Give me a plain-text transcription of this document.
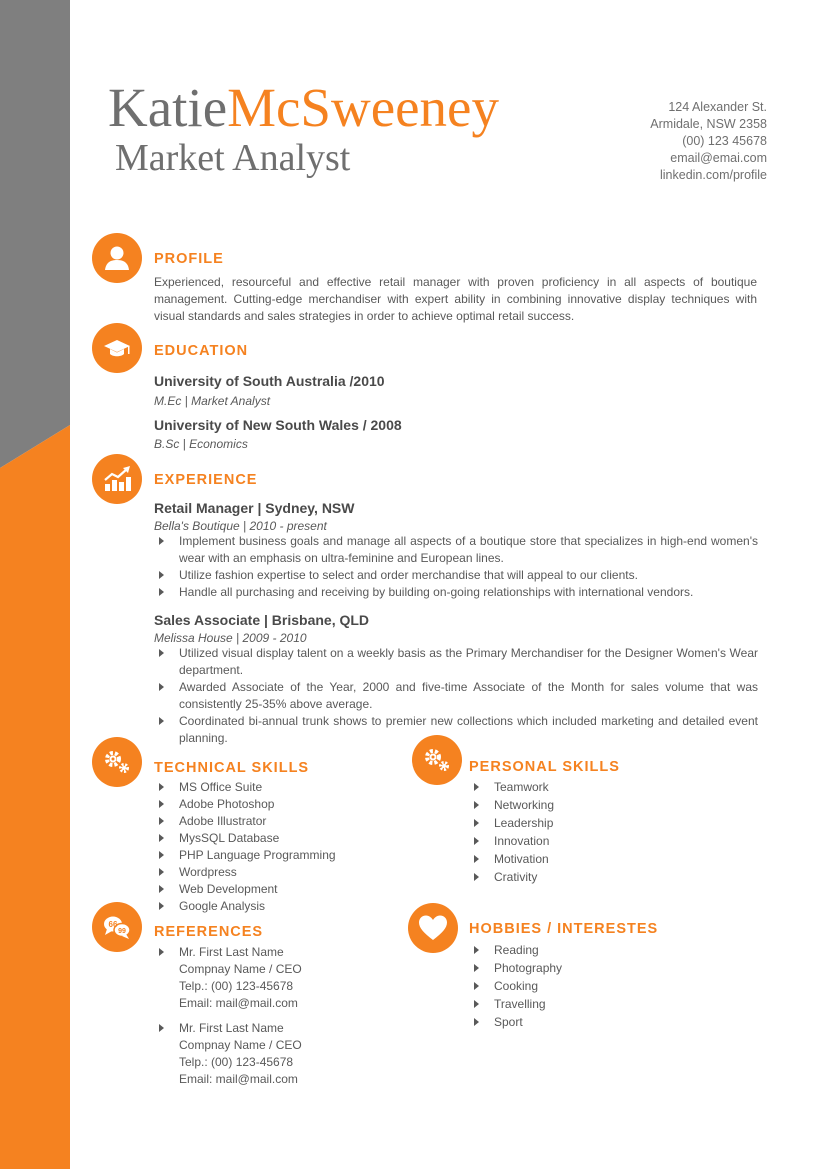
KatieMcSweeney
Market Analyst
124 Alexander St.
Armidale, NSW 2358
(00) 123 45678
email@emai.com
linkedin.com/profile
PROFILE
Experienced, resourceful and effective retail manager with proven proficiency in all aspects of boutique management. Cutting-edge merchandiser with expert ability in combining innovative display techniques with visual standards and sales strategies in order to achieve optimal retail success.
EDUCATION
University of South Australia /2010
M.Ec | Market Analyst
University of New South Wales / 2008
B.Sc | Economics
EXPERIENCE
Retail Manager | Sydney, NSW
Bella's Boutique | 2010 - present
Implement business goals and manage all aspects of a boutique store that specializes in high-end women's wear with an emphasis on ultra-feminine and European lines.
Utilize fashion expertise to select and order merchandise that will appeal to our clients.
Handle all purchasing and receiving by building on-going relationships with international vendors.
Sales Associate | Brisbane, QLD
Melissa House | 2009 - 2010
Utilized visual display talent on a weekly basis as the Primary Merchandiser for the Designer Women's Wear department.
Awarded Associate of the Year, 2000 and five-time Associate of the Month for sales volume that was consistently 25-35% above average.
Coordinated bi-annual trunk shows to premier new collections which included marketing and detailed event planning.
TECHNICAL SKILLS
MS Office Suite
Adobe Photoshop
Adobe Illustrator
MysSQL Database
PHP Language Programming
Wordpress
Web Development
Google Analysis
PERSONAL SKILLS
Teamwork
Networking
Leadership
Innovation
Motivation
Crativity
66
99 REFERENCES
Mr. First Last Name
Compnay Name / CEO
Telp.: (00) 123-45678
Email: mail@mail.com
Mr. First Last Name
Compnay Name / CEO
Telp.: (00) 123-45678
Email: mail@mail.com
HOBBIES / INTERESTES
Reading
Photography
Cooking
Travelling
Sport
